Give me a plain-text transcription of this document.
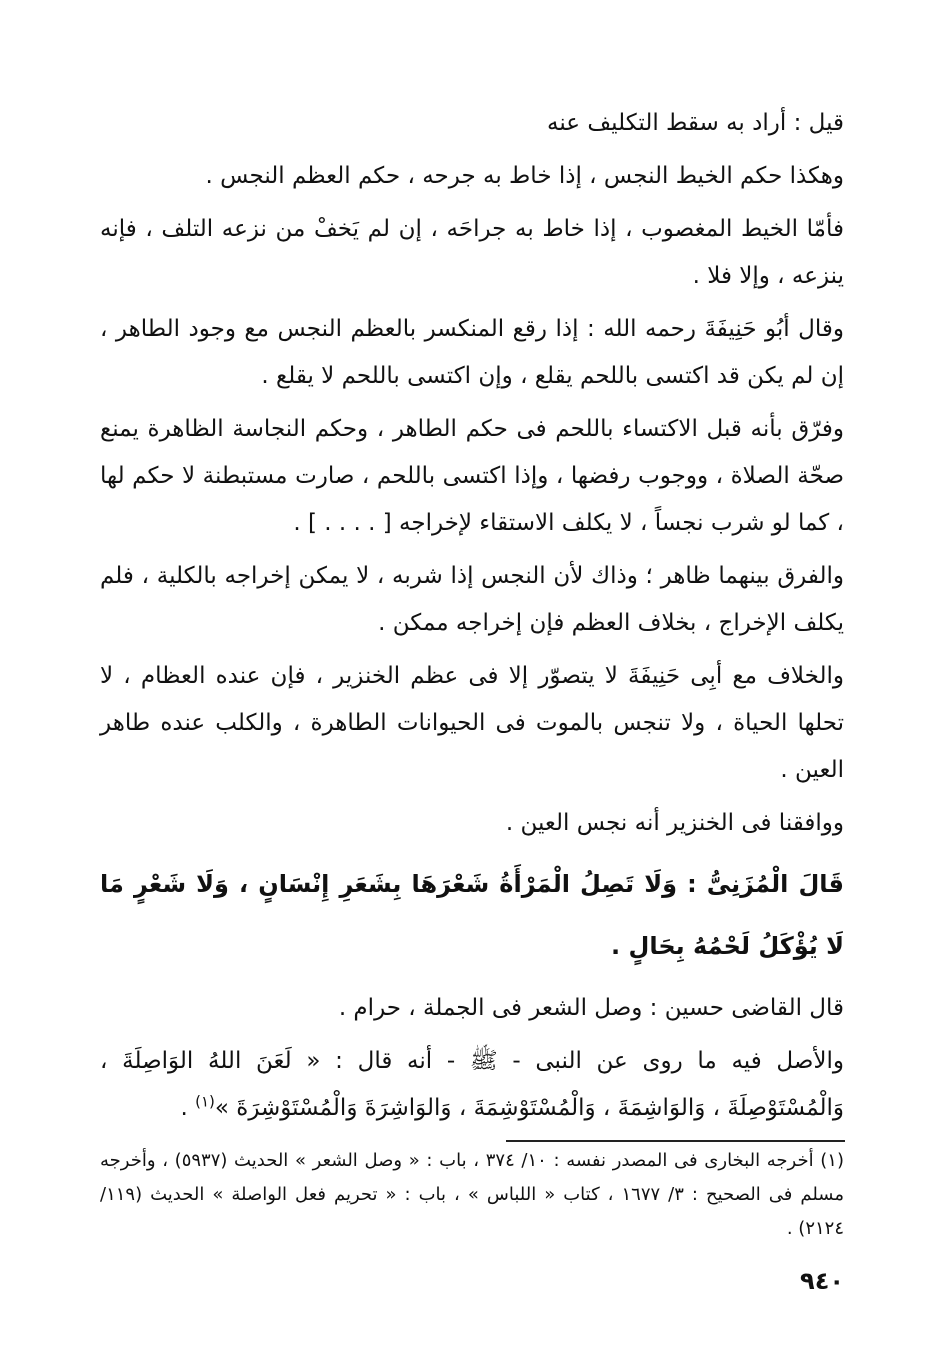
قيل : أراد به سقط التكليف عنه

وهكذا حكم الخيط النجس ، إذا خاط به جرحه ، حكم العظم النجس .

فأمّا الخيط المغصوب ، إذا خاط به جراحَه ، إن لم يَخفْ من نزعه التلف ، فإنه ينزعه ، وإلا فلا .

وقال أبُو حَنِيفَةَ رحمه الله : إذا رقع المنكسر بالعظم النجس مع وجود الطاهر ، إن لم يكن قد اكتسى باللحم يقلع ، وإن اكتسى باللحم لا يقلع .

وفرّق بأنه قبل الاكتساء باللحم فى حكم الطاهر ، وحكم النجاسة الظاهرة يمنع صحّة الصلاة ، ووجوب رفضها ، وإذا اكتسى باللحم ، صارت مستبطنة لا حكم لها ، كما لو شرب نجساً ، لا يكلف الاستقاء لإخراجه [ . . . . ] .

والفرق بينهما ظاهر ؛ وذاك لأن النجس إذا شربه ، لا يمكن إخراجه بالكلية ، فلم يكلف الإخراج ، بخلاف العظم فإن إخراجه ممكن .

والخلاف مع أبِى حَنِيفَةَ لا يتصوّر إلا فى عظم الخنزير ، فإن عنده العظام ، لا تحلها الحياة ، ولا تنجس بالموت فى الحيوانات الطاهرة ، والكلب عنده طاهر العين .

ووافقنا فى الخنزير أنه نجس العين .

قَالَ الْمُزَنِىُّ : وَلَا تَصِلُ الْمَرْأَةُ شَعْرَهَا بِشَعَرِ إِنْسَانٍ ، وَلَا شَعْرٍ مَا لَا يُؤْكَلُ لَحْمُهُ بِحَالٍ .

قال القاضى حسين : وصل الشعر فى الجملة ، حرام .

والأصل فيه ما روى عن النبى - ﷺ - أنه قال : « لَعَنَ اللهُ الوَاصِلَةَ ، وَالْمُسْتَوْصِلَةَ ، وَالوَاشِمَةَ ، وَالْمُسْتَوْشِمَةَ ، وَالوَاشِرَةَ وَالْمُسْتَوْشِرَةَ »$^{(١)}$ .

(١) أخرجه البخارى فى المصدر نفسه : ١٠/ ٣٧٤ ، باب : « وصل الشعر » الحديث (٥٩٣٧) ، وأخرجه مسلم فى الصحيح : ٣/ ١٦٧٧ ، كتاب « اللباس » ، باب : « تحريم فعل الواصلة » الحديث (١١٩/ ٢١٢٤) .

٩٤٠
